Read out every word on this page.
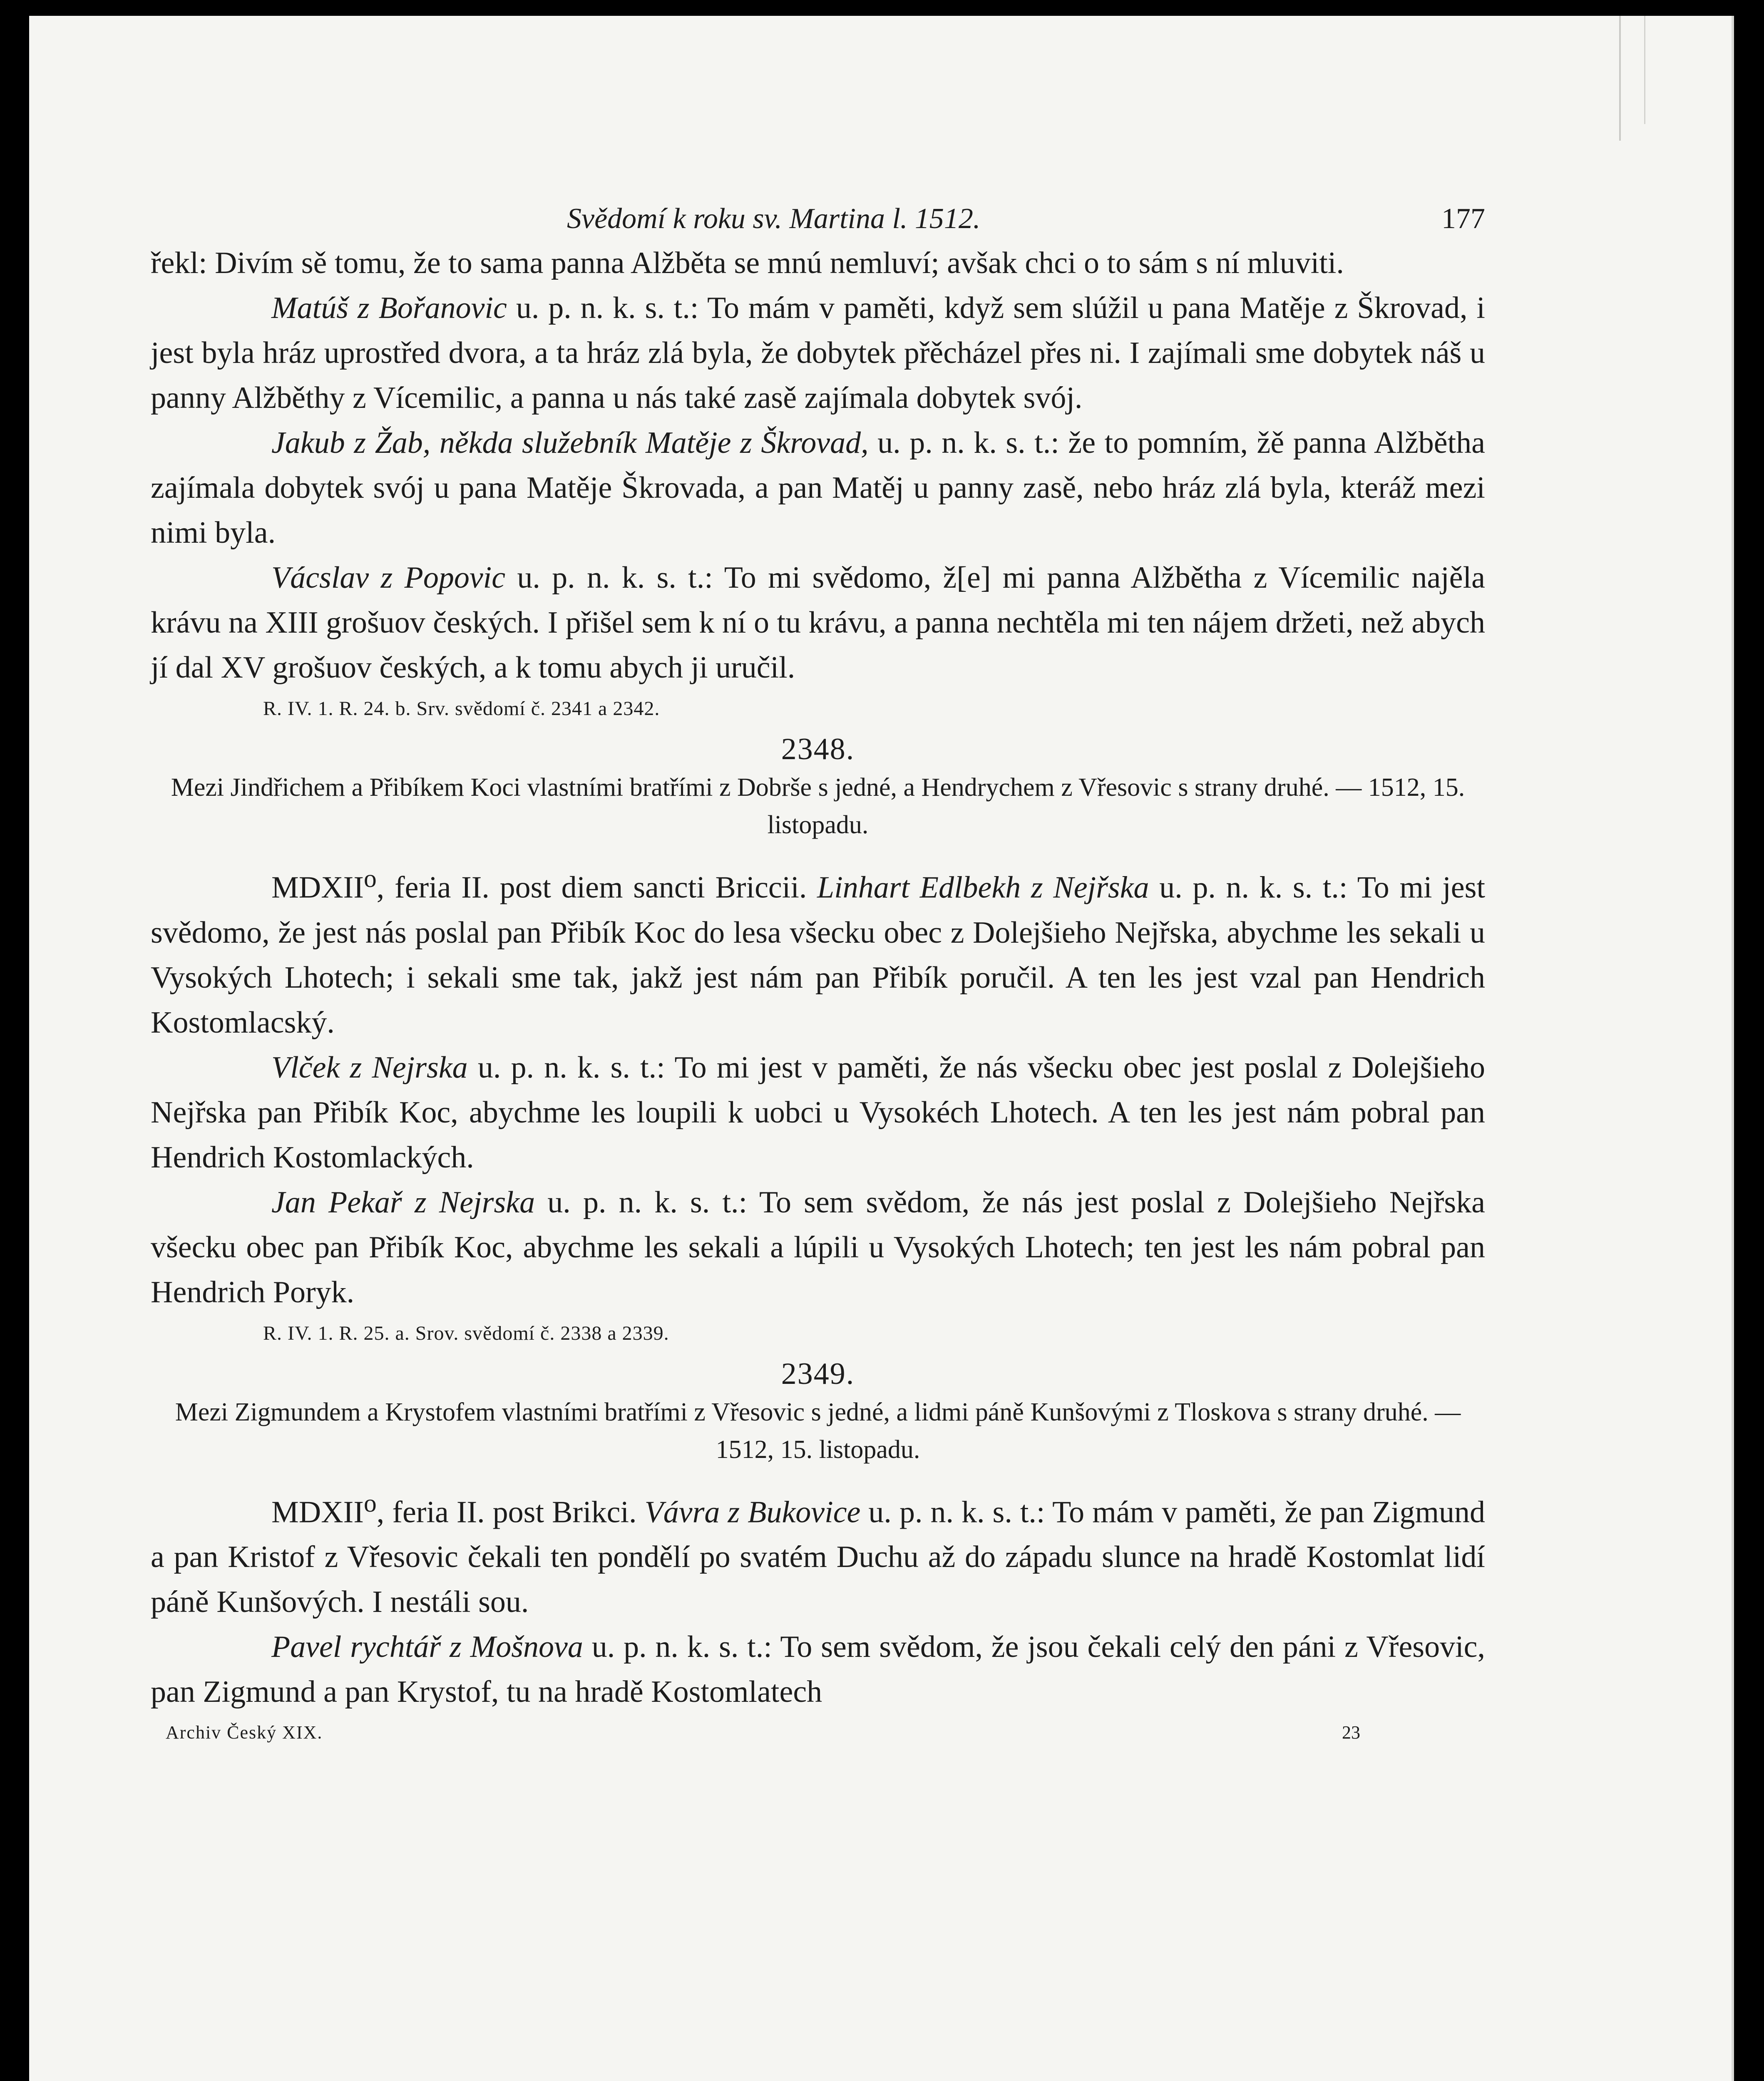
Svědomí k roku sv. Martina l. 1512.	177

řekl: Divím sě tomu, že to sama panna Alžběta se mnú nemluví; avšak chci o to sám s ní mluviti.

Matúš z Bořanovic u. p. n. k. s. t.: To mám v paměti, když sem slúžil u pana Matěje z Škrovad, i jest byla hráz uprostřed dvora, a ta hráz zlá byla, že dobytek přěcházel přes ni. I zajímali sme dobytek náš u panny Alžběthy z Vícemilic, a panna u nás také zasě zajímala dobytek svój.

Jakub z Žab, někda služebník Matěje z Škrovad, u. p. n. k. s. t.: že to pomním, žě panna Alžbětha zajímala dobytek svój u pana Matěje Škrovada, a pan Matěj u panny zasě, nebo hráz zlá byla, kteráž mezi nimi byla.

Vácslav z Popovic u. p. n. k. s. t.: To mi svědomo, ž[e] mi panna Alžbětha z Vícemilic najěla krávu na XIII grošuov českých. I přišel sem k ní o tu krávu, a panna nechtěla mi ten nájem držeti, než abych jí dal XV grošuov českých, a k tomu abych ji uručil.

R. IV. 1. R. 24. b. Srv. svědomí č. 2341 a 2342.
2348.
Mezi Jindřichem a Přibíkem Koci vlastními bratřími z Dobrše s jedné, a Hendrychem z Vřesovic s strany druhé. — 1512, 15. listopadu.

MDXII$^o$, feria II. post diem sancti Briccii. Linhart Edlbekh z Nejřska u. p. n. k. s. t.: To mi jest svědomo, že jest nás poslal pan Přibík Koc do lesa všecku obec z Dolejšieho Nejřska, abychme les sekali u Vysokých Lhotech; i sekali sme tak, jakž jest nám pan Přibík poručil. A ten les jest vzal pan Hendrich Kostomlacský.

Vlček z Nejrska u. p. n. k. s. t.: To mi jest v paměti, že nás všecku obec jest poslal z Dolejšieho Nejřska pan Přibík Koc, abychme les loupili k uobci u Vysokéch Lhotech. A ten les jest nám pobral pan Hendrich Kostomlackých.

Jan Pekař z Nejrska u. p. n. k. s. t.: To sem svědom, že nás jest poslal z Dolejšieho Nejřska všecku obec pan Přibík Koc, abychme les sekali a lúpili u Vysokých Lhotech; ten jest les nám pobral pan Hendrich Poryk.

R. IV. 1. R. 25. a. Srov. svědomí č. 2338 a 2339.
2349.
Mezi Zigmundem a Krystofem vlastními bratřími z Vřesovic s jedné, a lidmi páně Kunšovými z Tloskova s strany druhé. — 1512, 15. listopadu.

MDXII$^o$, feria II. post Brikci. Vávra z Bukovice u. p. n. k. s. t.: To mám v paměti, že pan Zigmund a pan Kristof z Vřesovic čekali ten pondělí po svatém Duchu až do západu slunce na hradě Kostomlat lidí páně Kunšových. I nestáli sou.

Pavel rychtář z Mošnova u. p. n. k. s. t.: To sem svědom, že jsou čekali celý den páni z Vřesovic, pan Zigmund a pan Krystof, tu na hradě Kostomlatech

Archiv Český XIX.	23
